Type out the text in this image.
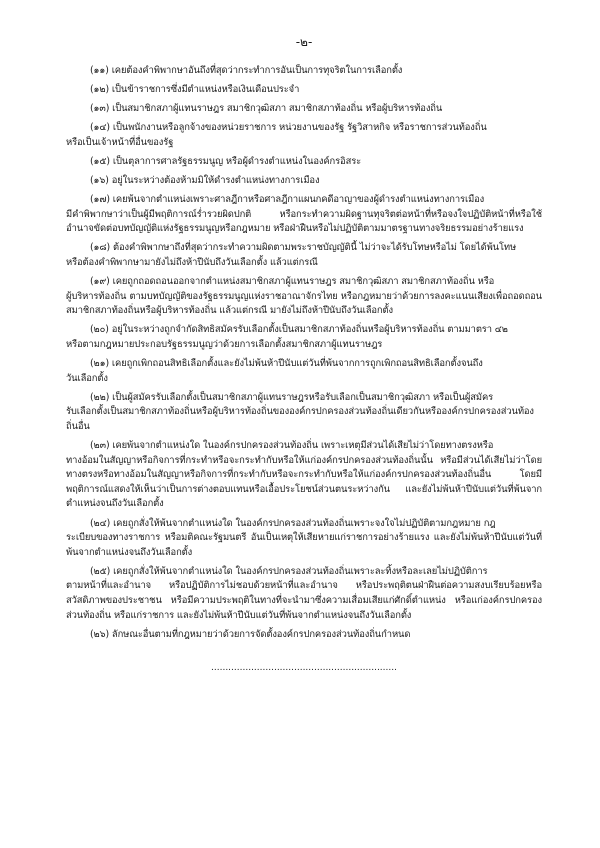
-๒-
(๑๑) เคยต้องคำพิพากษาอันถึงที่สุดว่ากระทำการอันเป็นการทุจริตในการเลือกตั้ง
(๑๒) เป็นข้าราชการซึ่งมีตำแหน่งหรือเงินเดือนประจำ
(๑๓) เป็นสมาชิกสภาผู้แทนราษฎร สมาชิกวุฒิสภา สมาชิกสภาท้องถิ่น หรือผู้บริหารท้องถิ่น
(๑๔) เป็นพนักงานหรือลูกจ้างของหน่วยราชการ หน่วยงานของรัฐ รัฐวิสาหกิจ หรือราชการส่วนท้องถิ่น
หรือเป็นเจ้าหน้าที่อื่นของรัฐ
(๑๕) เป็นตุลาการศาลรัฐธรรมนูญ หรือผู้ดำรงตำแหน่งในองค์กรอิสระ
(๑๖) อยู่ในระหว่างต้องห้ามมิให้ดำรงตำแหน่งทางการเมือง
(๑๗) เคยพ้นจากตำแหน่งเพราะศาลฎีกาหรือศาลฎีกาแผนกคดีอาญาของผู้ดำรงตำแหน่งทางการเมือง
มีคำพิพากษาว่าเป็นผู้มีพฤติการณ์ร่ำรวยผิดปกติ หรือกระทำความผิดฐานทุจริตต่อหน้าที่หรือจงใจปฏิบัติหน้าที่หรือใช้อำนาจขัดต่อบทบัญญัติแห่งรัฐธรรมนูญหรือกฎหมาย หรือฝ่าฝืนหรือไม่ปฏิบัติตามมาตรฐานทางจริยธรรมอย่างร้ายแรง
(๑๘) ต้องคำพิพากษาถึงที่สุดว่ากระทำความผิดตามพระราชบัญญัตินี้ ไม่ว่าจะได้รับโทษหรือไม่ โดยได้พ้นโทษ
หรือต้องคำพิพากษามายังไม่ถึงห้าปีนับถึงวันเลือกตั้ง แล้วแต่กรณี
(๑๙) เคยถูกถอดถอนออกจากตำแหน่งสมาชิกสภาผู้แทนราษฎร สมาชิกวุฒิสภา สมาชิกสภาท้องถิ่น หรือ
ผู้บริหารท้องถิ่น ตามบทบัญญัติของรัฐธรรมนูญแห่งราชอาณาจักรไทย หรือกฎหมายว่าด้วยการลงคะแนนเสียงเพื่อถอดถอนสมาชิกสภาท้องถิ่นหรือผู้บริหารท้องถิ่น แล้วแต่กรณี มายังไม่ถึงห้าปีนับถึงวันเลือกตั้ง
(๒๐) อยู่ในระหว่างถูกจำกัดสิทธิสมัครรับเลือกตั้งเป็นสมาชิกสภาท้องถิ่นหรือผู้บริหารท้องถิ่น ตามมาตรา ๔๒
หรือตามกฎหมายประกอบรัฐธรรมนูญว่าด้วยการเลือกตั้งสมาชิกสภาผู้แทนราษฎร
(๒๑) เคยถูกเพิกถอนสิทธิเลือกตั้งและยังไม่พ้นห้าปีนับแต่วันที่พ้นจากการถูกเพิกถอนสิทธิเลือกตั้งจนถึง
วันเลือกตั้ง
(๒๒) เป็นผู้สมัครรับเลือกตั้งเป็นสมาชิกสภาผู้แทนราษฎรหรือรับเลือกเป็นสมาชิกวุฒิสภา หรือเป็นผู้สมัคร
รับเลือกตั้งเป็นสมาชิกสภาท้องถิ่นหรือผู้บริหารท้องถิ่นขององค์กรปกครองส่วนท้องถิ่นเดียวกันหรือองค์กรปกครองส่วนท้องถิ่นอื่น
(๒๓) เคยพ้นจากตำแหน่งใด ในองค์กรปกครองส่วนท้องถิ่น เพราะเหตุมีส่วนได้เสียไม่ว่าโดยทางตรงหรือ
ทางอ้อมในสัญญาหรือกิจการที่กระทำหรือจะกระทำกับหรือให้แก่องค์กรปกครองส่วนท้องถิ่นนั้น หรือมีส่วนได้เสียไม่ว่าโดยทางตรงหรือทางอ้อมในสัญญาหรือกิจการที่กระทำกับหรือจะกระทำกับหรือให้แก่องค์กรปกครองส่วนท้องถิ่นอื่น โดยมีพฤติการณ์แสดงให้เห็นว่าเป็นการต่างตอบแทนหรือเอื้อประโยชน์ส่วนตนระหว่างกัน และยังไม่พ้นห้าปีนับแต่วันที่พ้นจากตำแหน่งจนถึงวันเลือกตั้ง
(๒๔) เคยถูกสั่งให้พ้นจากตำแหน่งใด ในองค์กรปกครองส่วนท้องถิ่นเพราะจงใจไม่ปฏิบัติตามกฎหมาย กฎ
ระเบียบของทางราชการ หรือมติคณะรัฐมนตรี อันเป็นเหตุให้เสียหายแก่ราชการอย่างร้ายแรง และยังไม่พ้นห้าปีนับแต่วันที่พ้นจากตำแหน่งจนถึงวันเลือกตั้ง
(๒๕) เคยถูกสั่งให้พ้นจากตำแหน่งใด ในองค์กรปกครองส่วนท้องถิ่นเพราะละทิ้งหรือละเลยไม่ปฏิบัติการ
ตามหน้าที่และอำนาจ หรือปฏิบัติการไม่ชอบด้วยหน้าที่และอำนาจ หรือประพฤติตนฝ่าฝืนต่อความสงบเรียบร้อยหรือสวัสดิภาพของประชาชน หรือมีความประพฤติในทางที่จะนำมาซึ่งความเสื่อมเสียแก่ศักดิ์ตำแหน่ง หรือแก่องค์กรปกครองส่วนท้องถิ่น หรือแก่ราชการ และยังไม่พ้นห้าปีนับแต่วันที่พ้นจากตำแหน่งจนถึงวันเลือกตั้ง
(๒๖) ลักษณะอื่นตามที่กฎหมายว่าด้วยการจัดตั้งองค์กรปกครองส่วนท้องถิ่นกำหนด
.................................................................
